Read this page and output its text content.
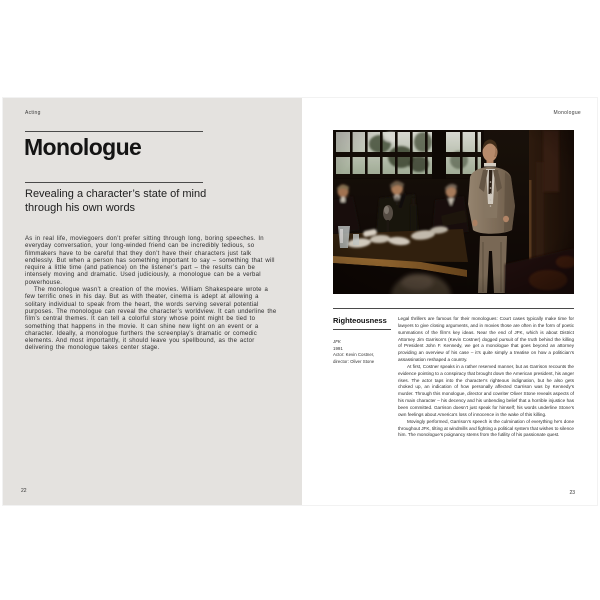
Acting
Monologue
Revealing a character’s state of mind through his own words

As in real life, moviegoers don’t prefer sitting through long, boring speeches. In everyday conversation, your long-winded friend can be incredibly tedious, so filmmakers have to be careful that they don’t have their characters just talk endlessly. But when a person has something important to say – something that will require a little time (and patience) on the listener’s part – the results can be intensely moving and dramatic. Used judiciously, a monologue can be a verbal powerhouse.

The monologue wasn’t a creation of the movies. William Shakespeare wrote a few terrific ones in his day. But as with theater, cinema is adept at allowing a solitary individual to speak from the heart, the words serving several potential purposes. The monologue can reveal the character’s worldview. It can underline the film’s central themes. It can tell a colorful story whose point might be tied to something that happens in the movie. It can shine new light on an event or a character. Ideally, a monologue furthers the screenplay’s dramatic or comedic elements. And most importantly, it should leave you spellbound, as the actor delivering the monologue takes center stage.

22
Monologue
Righteousness
JFK
1991
Actor: Kevin Costner,
director: Oliver Stone

Legal thrillers are famous for their monologues: Court cases typically make time for lawyers to give closing arguments, and in movies those are often in the form of poetic summations of the film’s key ideas. Near the end of JFK, which is about District Attorney Jim Garrison’s (Kevin Costner) dogged pursuit of the truth behind the killing of President John F. Kennedy, we get a monologue that goes beyond an attorney providing an overview of his case – it’s quite simply a treatise on how a politician’s assassination reshaped a country.

At first, Costner speaks in a rather reserved manner, but as Garrison recounts the evidence pointing to a conspiracy that brought down the American president, his anger rises. The actor taps into the character’s righteous indignation, but he also gets choked up, an indication of how personally affected Garrison was by Kennedy’s murder. Through this monologue, director and cowriter Oliver Stone reveals aspects of his main character – his decency and his unbending belief that a horrible injustice has been committed. Garrison doesn’t just speak for himself; his words underline Stone’s own feelings about America’s loss of innocence in the wake of this killing.

Movingly performed, Garrison’s speech is the culmination of everything he’s done throughout JFK, tilting at windmills and fighting a political system that wishes to silence him. The monologue’s poignancy stems from the futility of his passionate quest.

23
